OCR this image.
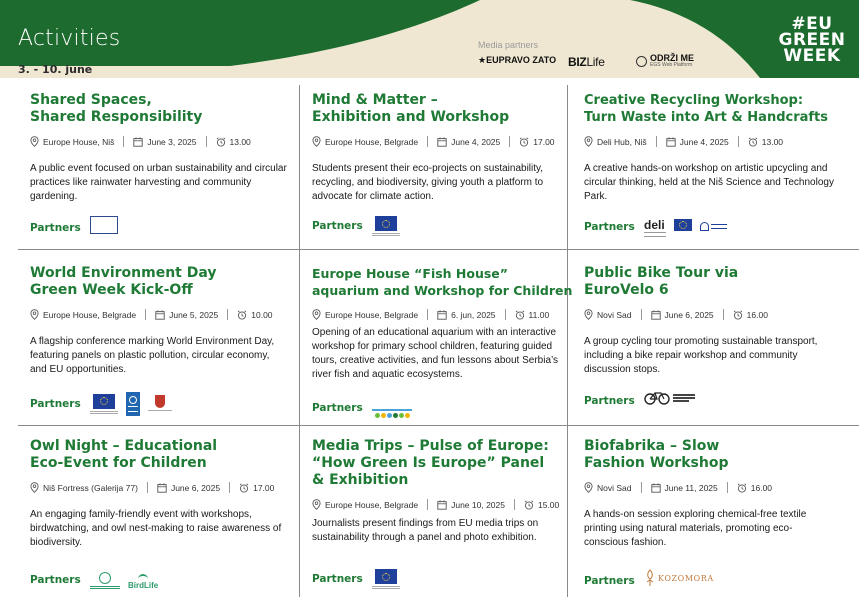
Activities
3. - 10. june
Media partners
★EUPRAVO ZATO BIZLife	ODRŽI ME
EGS Web Platform
#EU
GREEN
WEEK
Shared Spaces,
Shared Responsibility
Europe House, Niš	June 3, 2025	13.00
A public event focused on urban sustainability and circular practices like rainwater harvesting and community gardening.
Partners
Mind & Matter –
Exhibition and Workshop
Europe House, Belgrade	June 4, 2025	17.00
Students present their eco-projects on sustainability, recycling, and biodiversity, giving youth a platform to advocate for climate action.
Partners
Creative Recycling Workshop:
Turn Waste into Art & Handcrafts
Deli Hub, Niš	June 4, 2025	13.00
A creative hands-on workshop on artistic upcycling and circular thinking, held at the Niš Science and Technology Park.
Partners deli
World Environment Day
Green Week Kick-Off
Europe House, Belgrade	June 5, 2025	10.00
A flagship conference marking World Environment Day, featuring panels on plastic pollution, circular economy, and EU opportunities.
Partners
Europe House “Fish House”
aquarium and Workshop for Children
Europe House, Belgrade	6. jun, 2025	11.00
Opening of an educational aquarium with an interactive workshop for primary school children, featuring guided tours, creative activities, and fun lessons about Serbia’s river fish and aquatic ecosystems.
Partners
Public Bike Tour via
EuroVelo 6
Novi Sad	June 6, 2025	16.00
A group cycling tour promoting sustainable transport, including a bike repair workshop and community discussion stops.
Partners
Owl Night – Educational
Eco-Event for Children
Niš Fortress (Galerija 77)	June 6, 2025	17.00
An engaging family-friendly event with workshops, birdwatching, and owl nest-making to raise awareness of biodiversity.
Partners	BirdLife
Media Trips – Pulse of Europe:
“How Green Is Europe” Panel
& Exhibition
Europe House, Belgrade	June 10, 2025	15.00
Journalists present findings from EU media trips on sustainability through a panel and photo exhibition.
Partners
Biofabrika – Slow
Fashion Workshop
Novi Sad	June 11, 2025	16.00
A hands-on session exploring chemical-free textile printing using natural materials, promoting eco-conscious fashion.
Partners	KOZOMORA
